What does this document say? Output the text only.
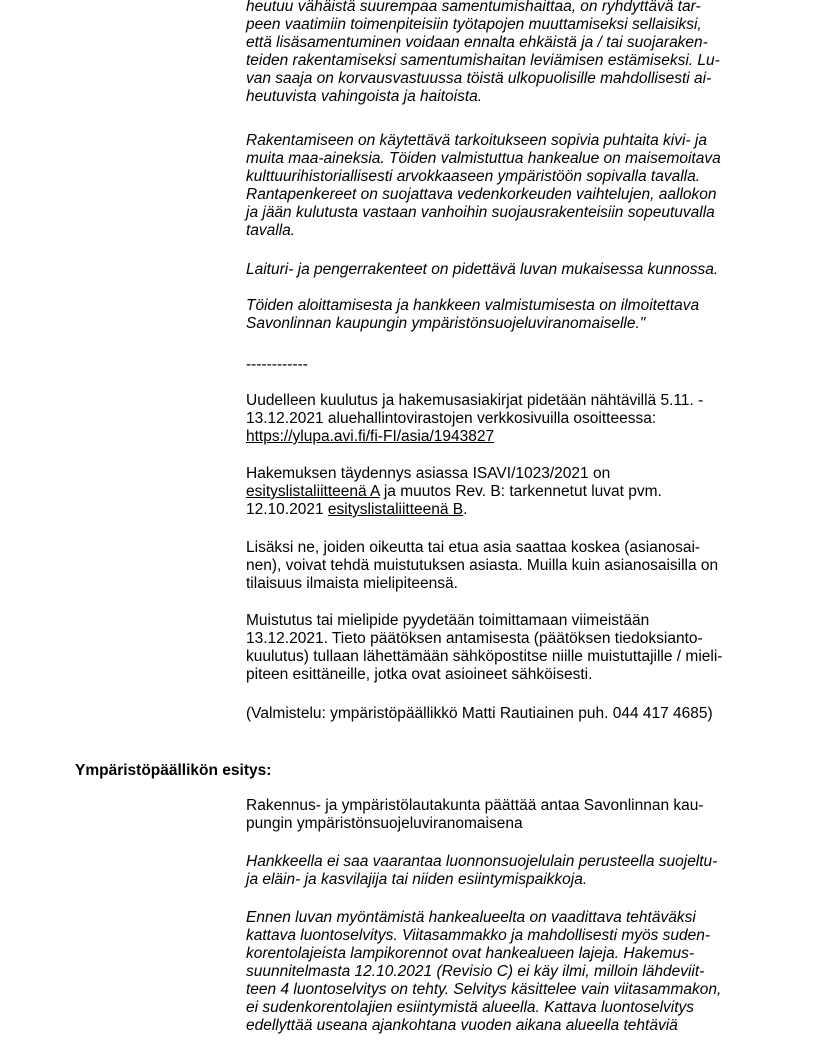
heutuu vähäistä suurempaa samentumishaittaa, on ryhdyttävä tar-
peen vaatimiin toimenpiteisiin työtapojen muuttamiseksi sellaisiksi,
että lisäsamentuminen voidaan ennalta ehkäistä ja / tai suojaraken-
teiden rakentamiseksi samentumishaitan leviämisen estämiseksi. Lu-
van saaja on korvausvastuussa töistä ulkopuolisille mahdollisesti ai-
heutuvista vahingoista ja haitoista.
Rakentamiseen on käytettävä tarkoitukseen sopivia puhtaita kivi- ja
muita maa-aineksia. Töiden valmistuttua hankealue on maisemoitava
kulttuurihistoriallisesti arvokkaaseen ympäristöön sopivalla tavalla.
Rantapenkereet on suojattava vedenkorkeuden vaihtelujen, aallokon
ja jään kulutusta vastaan vanhoihin suojausrakenteisiin sopeutuvalla
tavalla.
Laituri- ja pengerrakenteet on pidettävä luvan mukaisessa kunnossa.
Töiden aloittamisesta ja hankkeen valmistumisesta on ilmoitettava
Savonlinnan kaupungin ympäristönsuojeluviranomaiselle."
------------
Uudelleen kuulutus ja hakemusasiakirjat pidetään nähtävillä 5.11. -
13.12.2021 aluehallintovirastojen verkkosivuilla osoitteessa:
https://ylupa.avi.fi/fi-FI/asia/1943827
Hakemuksen täydennys asiassa ISAVI/1023/2021 on
esityslistaliitteenä A ja muutos Rev. B: tarkennetut luvat pvm.
12.10.2021 esityslistaliitteenä B.
Lisäksi ne, joiden oikeutta tai etua asia saattaa koskea (asianosai-
nen), voivat tehdä muistutuksen asiasta. Muilla kuin asianosaisilla on
tilaisuus ilmaista mielipiteensä.
Muistutus tai mielipide pyydetään toimittamaan viimeistään
13.12.2021. Tieto päätöksen antamisesta (päätöksen tiedoksianto-
kuulutus) tullaan lähettämään sähköpostitse niille muistuttajille / mieli-
piteen esittäneille, jotka ovat asioineet sähköisesti.
(Valmistelu: ympäristöpäällikkö Matti Rautiainen puh. 044 417 4685)
Ympäristöpäällikön esitys:
Rakennus- ja ympäristölautakunta päättää antaa Savonlinnan kau-
pungin ympäristönsuojeluviranomaisena
Hankkeella ei saa vaarantaa luonnonsuojelulain perusteella suojeltu-
ja eläin- ja kasvilajija tai niiden esiintymispaikkoja.
Ennen luvan myöntämistä hankealueelta on vaadittava tehtäväksi
kattava luontoselvitys. Viitasammakko ja mahdollisesti myös suden-
korentolajeista lampikorennot ovat hankealueen lajeja. Hakemus-
suunnitelmasta 12.10.2021 (Revisio C) ei käy ilmi, milloin lähdeviit-
teen 4 luontoselvitys on tehty. Selvitys käsittelee vain viitasammakon,
ei sudenkorentolajien esiintymistä alueella. Kattava luontoselvitys
edellyttää useana ajankohtana vuoden aikana alueella tehtäviä
